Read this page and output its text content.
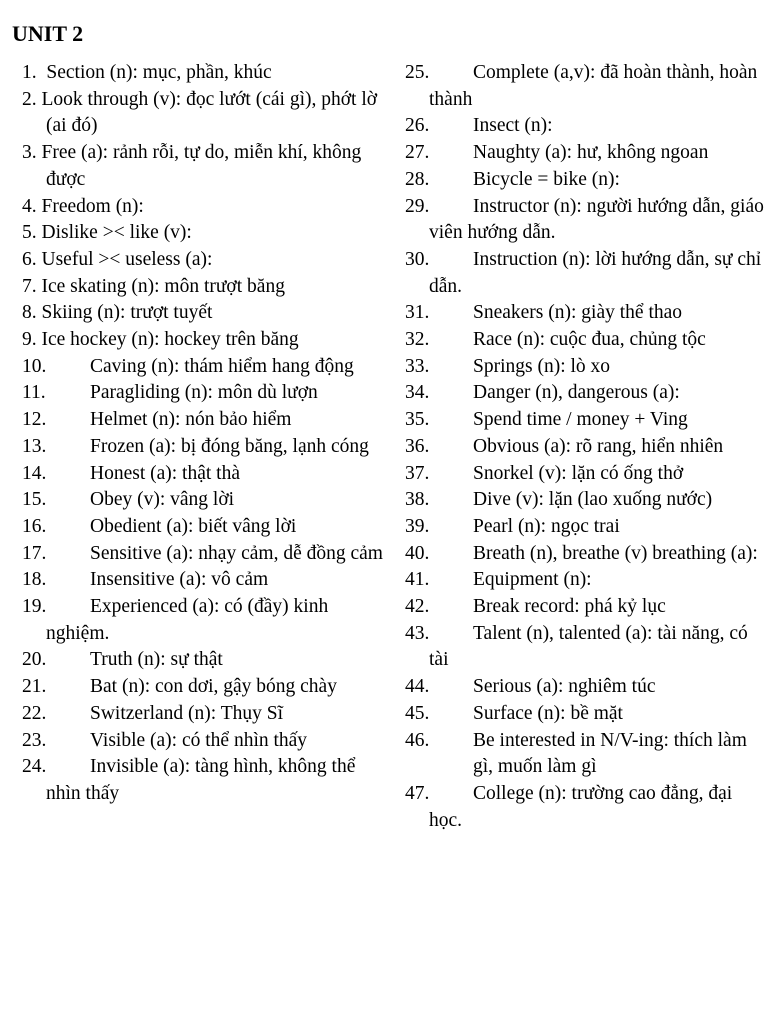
UNIT 2

1. Section (n): mục, phần, khúc

2. Look through (v): đọc lướt (cái gì), phớt lờ (ai đó)

3. Free (a): rảnh rỗi, tự do, miễn khí, không được

4. Freedom (n):

5. Dislike >< like (v):

6. Useful >< useless (a):

7. Ice skating (n): môn trượt băng

8. Skiing (n): trượt tuyết

9. Ice hockey (n): hockey trên băng

10. Caving (n): thám hiểm hang động

11. Paragliding (n): môn dù lượn

12. Helmet (n): nón bảo hiểm

13. Frozen (a): bị đóng băng, lạnh cóng

14. Honest (a): thật thà

15. Obey (v): vâng lời

16. Obedient (a): biết vâng lời

17. Sensitive (a): nhạy cảm, dễ đồng cảm

18. Insensitive (a): vô cảm

19. Experienced (a): có (đầy) kinh nghiệm.

20. Truth (n): sự thật

21. Bat (n): con dơi, gậy bóng chày

22. Switzerland (n): Thụy Sĩ

23. Visible (a): có thể nhìn thấy

24. Invisible (a): tàng hình, không thể nhìn thấy

25. Complete (a,v): đã hoàn thành, hoàn thành

26. Insect (n):

27. Naughty (a): hư, không ngoan

28. Bicycle = bike (n):

29. Instructor (n): người hướng dẫn, giáo viên hướng dẫn.

30. Instruction (n): lời hướng dẫn, sự chỉ dẫn.

31. Sneakers (n): giày thể thao

32. Race (n): cuộc đua, chủng tộc

33. Springs (n): lò xo

34. Danger (n), dangerous (a):

35. Spend time / money + Ving

36. Obvious (a): rõ rang, hiển nhiên

37. Snorkel (v): lặn có ống thở

38. Dive (v): lặn (lao xuống nước)

39. Pearl (n): ngọc trai

40. Breath (n), breathe (v) breathing (a):

41. Equipment (n):

42. Break record: phá kỷ lục

43. Talent (n), talented (a): tài năng, có tài

44. Serious (a): nghiêm túc

45. Surface (n): bề mặt

46. Be interested in N/V-ing: thích làm gì, muốn làm gì

47. College (n): trường cao đẳng, đại học.
